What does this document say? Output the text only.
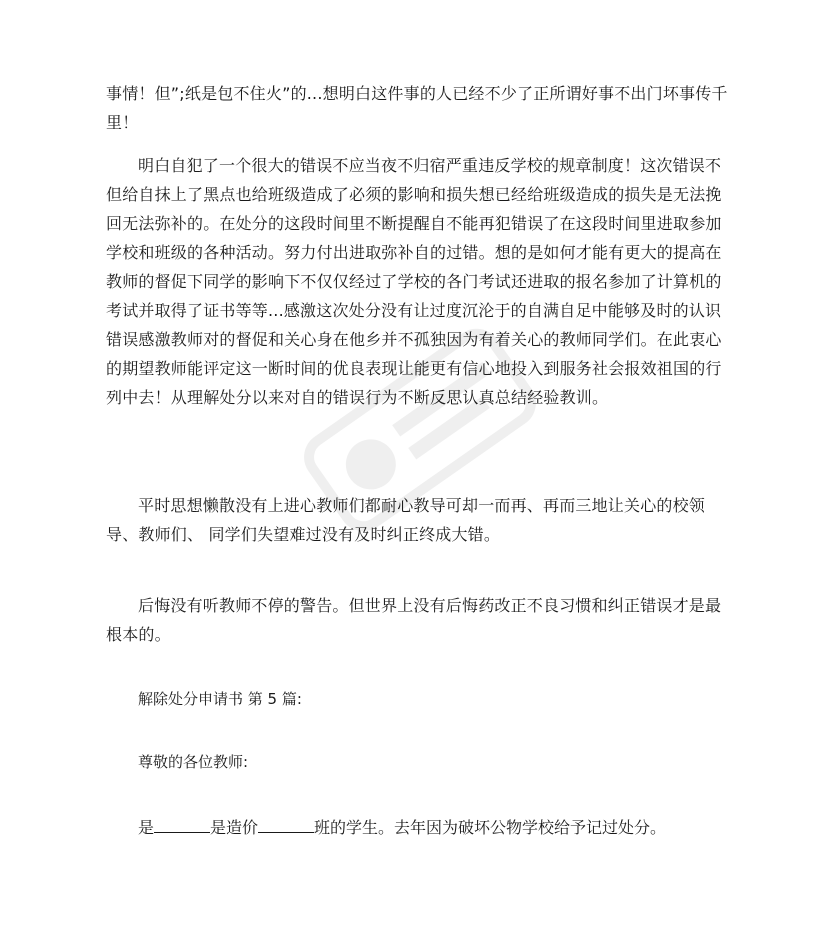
事情！但”;纸是包不住火”的...想明白这件事的人已经不少了正所谓好事不出门坏事传千里！

明白自犯了一个很大的错误不应当夜不归宿严重违反学校的规章制度！这次错误不但给自抹上了黑点也给班级造成了必须的影响和损失想已经给班级造成的损失是无法挽回无法弥补的。在处分的这段时间里不断提醒自不能再犯错误了在这段时间里进取参加学校和班级的各种活动。努力付出进取弥补自的过错。想的是如何才能有更大的提高在教师的督促下同学的影响下不仅仅经过了学校的各门考试还进取的报名参加了计算机的考试并取得了证书等等...感激这次处分没有让过度沉沦于的自满自足中能够及时的认识错误感激教师对的督促和关心身在他乡并不孤独因为有着关心的教师同学们。在此衷心的期望教师能评定这一断时间的优良表现让能更有信心地投入到服务社会报效祖国的行列中去！从理解处分以来对自的错误行为不断反思认真总结经验教训。

平时思想懒散没有上进心教师们都耐心教导可却一而再、再而三地让关心的校领导、教师们、 同学们失望难过没有及时纠正终成大错。

后悔没有听教师不停的警告。但世界上没有后悔药改正不良习惯和纠正错误才是最根本的。

解除处分申请书 第 5 篇:

尊敬的各位教师:

是	是造价	班的学生。去年因为破坏公物学校给予记过处分。
